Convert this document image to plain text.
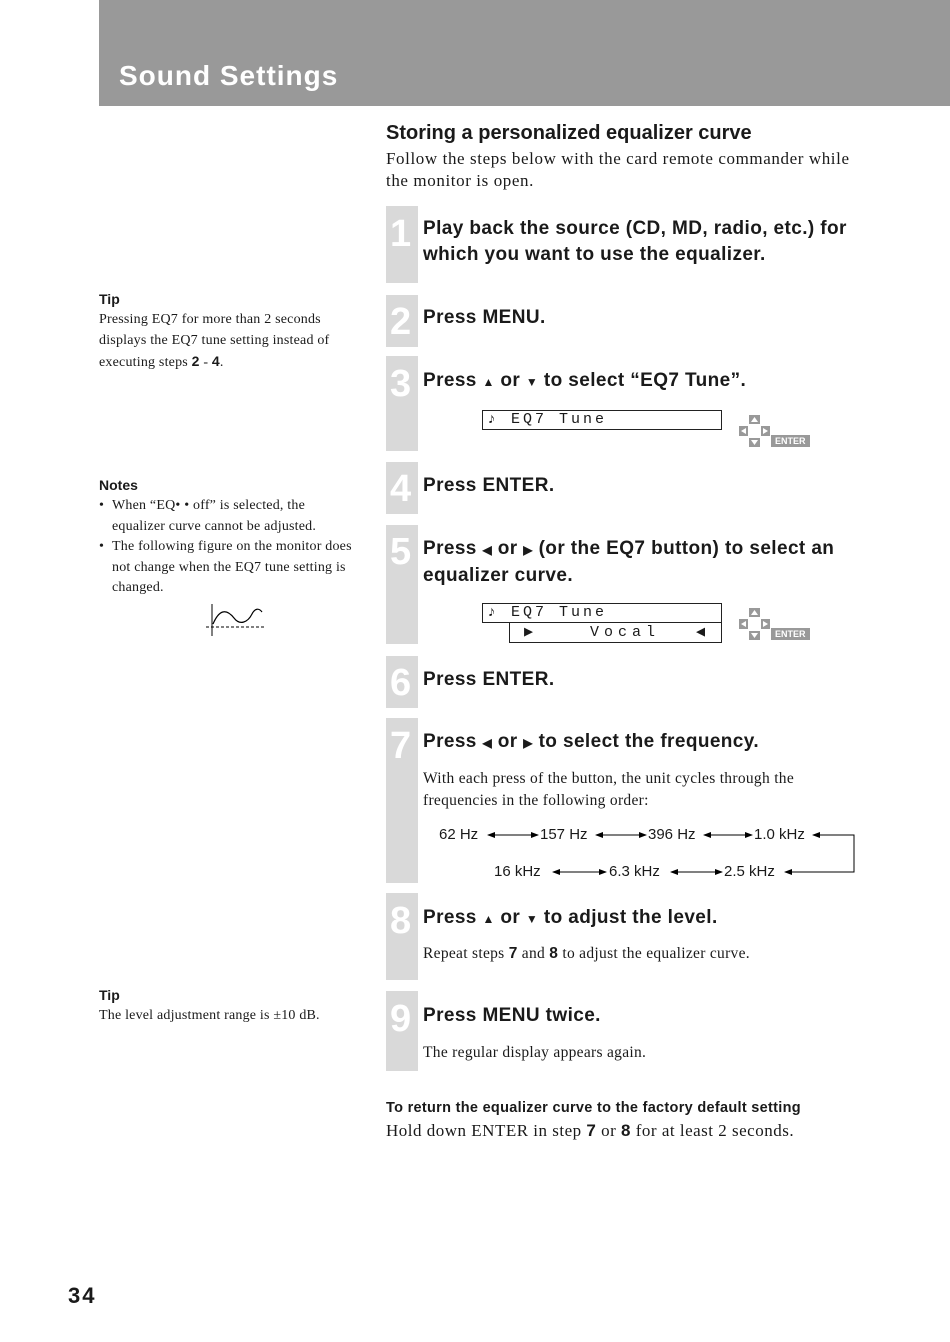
Sound Settings
Storing a personalized equalizer curve

Follow the steps below with the card remote commander while the monitor is open.

1
2
3
4
5
6
7
8
9

Play back the source (CD, MD, radio, etc.) for which you want to use the equalizer.

Press MENU.

Press ▲ or ▼ to select “EQ7 Tune”.

♪ EQ7 Tune
ENTER

Press ENTER.

Press ◀ or ▶ (or the EQ7 button) to select an equalizer curve.

♪ EQ7 Tune
▶	Vocal ◀	ENTER

Press ENTER.

Press ◀ or ▶ to select the frequency.

With each press of the button, the unit cycles through the frequencies in the following order:

62 Hz	157 Hz	396 Hz	1.0 kHz
16 kHz	6.3 kHz	2.5 kHz

Press ▲ or ▼ to adjust the level.

Repeat steps 7 and 8 to adjust the equalizer curve.

Press MENU twice.

The regular display appears again.

To return the equalizer curve to the factory default setting

Hold down ENTER in step 7 or 8 for at least 2 seconds.

Tip

Pressing EQ7 for more than 2 seconds displays the EQ7 tune setting instead of executing steps 2 - 4.

Notes

• When “EQ• • off” is selected, the equalizer curve cannot be adjusted.
• The following figure on the monitor does not change when the EQ7 tune setting is changed.

Tip

The level adjustment range is ±10 dB.

34
